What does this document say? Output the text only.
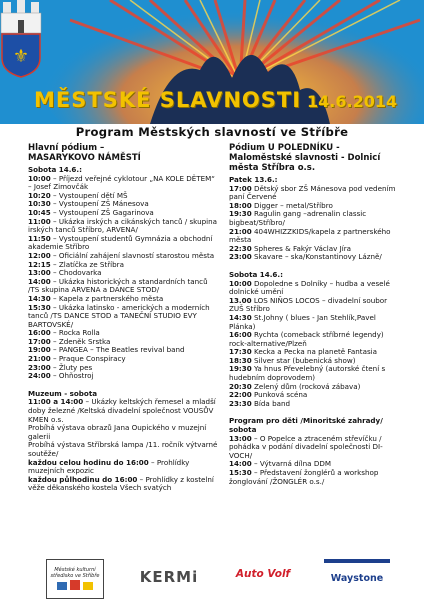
⚜
MĚSTSKÉ SLAVNOSTI 14.6.2014
Program Městských slavností ve Stříbře
Hlavní pódium –
MASARYKOVO NÁMĚSTÍ
Sobota 14.6.:
10:00 – Příjezd veřejné cyklotour „NA KOLE DĚTEM“ – Josef Zimovčák
10:20 – Vystoupení dětí MŠ
10:30 – Vystoupení ZŠ Mánesova
10:45 – Vystoupení ZŠ Gagarinova
11:00 – Ukázka irských a cikánských tanců / skupina irských tanců Stříbro, ARVENA/
11:50 – Vystoupení studentů Gymnázia a obchodní akademie Stříbro
12:00 – Oficiální zahájení slavností starostou města
12:15 – Zlatíčka ze Stříbra
13:00 – Chodovarka
14:00 – Ukázka historických a standardních tanců /TS skupina ARVENA a DANCE STOD/
14:30 – Kapela z partnerského města
15:30 – Ukázka latinsko - amerických a moderních tanců /TS DANCE STOD a TANEČNÍ STUDIO EVY BARTOVSKÉ/
16:00 – Rocka Rolla
17:00 – Zdeněk Srstka
19:00 – PANGEA – The Beatles revival band
21:00 – Praque Conspiracy
23:00 – Žluty pes
24:00 – Ohňostroj
Muzeum - sobota
11:00 a 14:00 – Ukázky keltských řemesel a mladší doby železné /Keltská divadelní společnost VOUSŮV KMEN o.s.
Probíhá výstava obrazů Jana Oupického v muzejní galerii
Probíhá výstava Stříbrská lampa /11. ročník výtvarné soutěže/
každou celou hodinu do 16:00 – Prohlídky muzejních expozic
každou půlhodinu do 16:00 – Prohlídky z kostelní věže děkanského kostela Všech svatých
Pódium U POLEDNÍKU -
Maloměstské slavnosti - Dolnicí
města Stříbra o.s.
Patek 13.6.:
17:00 Dětský sbor ZŠ Mánesova pod vedením paní Červené
18:00 Digger – metal/Stříbro
19:30 Ragulin gang –adrenalin classic bigbeat/Stříbro/
21:00 404WHIZZKIDS/kapela z partnerského města
22:30 Spheres & Fakýr Václav Jíra
23:00 Skavare – ska/Konstantinovy Lázně/
Sobota 14.6.:
10:00 Dopoledne s Dolníky – hudba a veselé dolnické umění
13.00 LOS NIÑOS LOCOS – divadelní soubor ZUŠ Stříbro
14:30 St.Johny ( blues - Jan Stehlík,Pavel Plánka)
16:00 Rychta (comeback stříbrné legendy) rock-alternative/Plzeň
17:30 Kecka a Pecka na planetě Fantasia
18:30 Silver star (bubenická show)
19:30 Ya hnus Převelebný (autorské čtení s hudebním doprovodem)
20:30 Zelený dům (rocková zábava)
22:00 Punková scéna
23:30 Bída band
Program pro děti /Minoritské zahrady/
sobota
13:00 – O Popelce a ztraceném střevíčku / pohádka v podání divadelní společnosti DI-VOCH/
14:00 – Výtvarná dílna DDM
15:30 – Představení žonglérů a workshop žonglování /ŽONGLÉR o.s./
Městské kulturní
středisko ve Stříbře	KERMi	Auto Volf	Waystone
